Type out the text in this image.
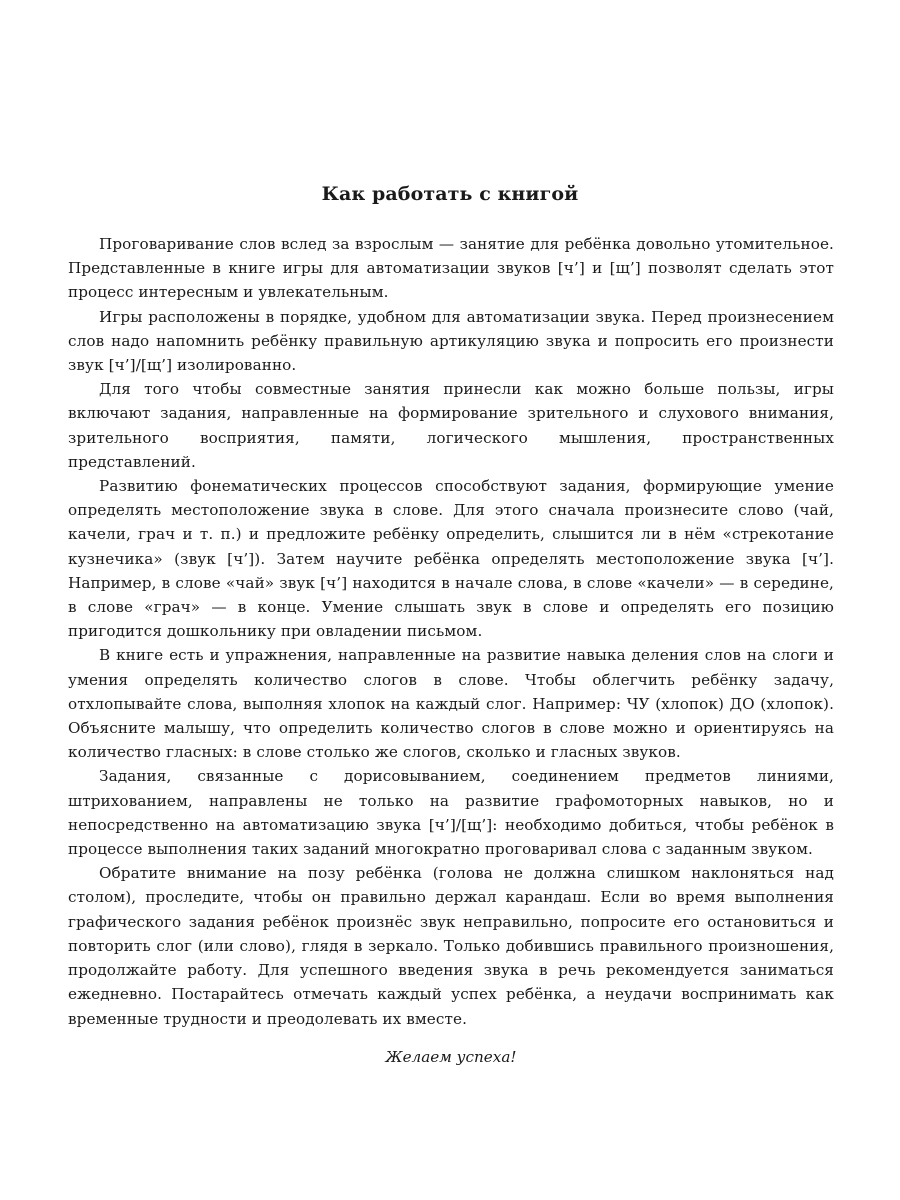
Как работать с книгой

Проговаривание слов вслед за взрослым — занятие для ребёнка довольно утомительное. Представленные в книге игры для автоматизации звуков [ч’] и [щ’] позволят сделать этот процесс интересным и увлекательным.

Игры расположены в порядке, удобном для автоматизации звука. Перед произнесением слов надо напомнить ребёнку правильную артикуляцию звука и попросить его произнести звук [ч’]/[щ’] изолированно.

Для того чтобы совместные занятия принесли как можно больше пользы, игры включают задания, направленные на формирование зрительного и слухового внимания, зрительного восприятия, памяти, логического мышления, пространственных представлений.

Развитию фонематических процессов способствуют задания, формирующие умение определять местоположение звука в слове. Для этого сначала произнесите слово (чай, качели, грач и т. п.) и предложите ребёнку определить, слышится ли в нём «стрекотание кузнечика» (звук [ч’]). Затем научите ребёнка определять местоположение звука [ч’]. Например, в слове «чай» звук [ч’] находится в начале слова, в слове «качели» — в середине, в слове «грач» — в конце. Умение слышать звук в слове и определять его позицию пригодится дошкольнику при овладении письмом.

В книге есть и упражнения, направленные на развитие навыка деления слов на слоги и умения определять количество слогов в слове. Чтобы облегчить ребёнку задачу, отхлопывайте слова, выполняя хлопок на каждый слог. Например: ЧУ (хлопок) ДО (хлопок). Объясните малышу, что определить количество слогов в слове можно и ориентируясь на количество гласных: в слове столько же слогов, сколько и гласных звуков.

Задания, связанные с дорисовыванием, соединением предметов линиями, штрихованием, направлены не только на развитие графомоторных навыков, но и непосредственно на автоматизацию звука [ч’]/[щ’]: необходимо добиться, чтобы ребёнок в процессе выполнения таких заданий многократно проговаривал слова с заданным звуком.

Обратите внимание на позу ребёнка (голова не должна слишком наклоняться над столом), проследите, чтобы он правильно держал карандаш. Если во время выполнения графического задания ребёнок произнёс звук неправильно, попросите его остановиться и повторить слог (или слово), глядя в зеркало. Только добившись правильного произношения, продолжайте работу. Для успешного введения звука в речь рекомендуется заниматься ежедневно. Постарайтесь отмечать каждый успех ребёнка, а неудачи воспринимать как временные трудности и преодолевать их вместе.

Желаем успеха!
